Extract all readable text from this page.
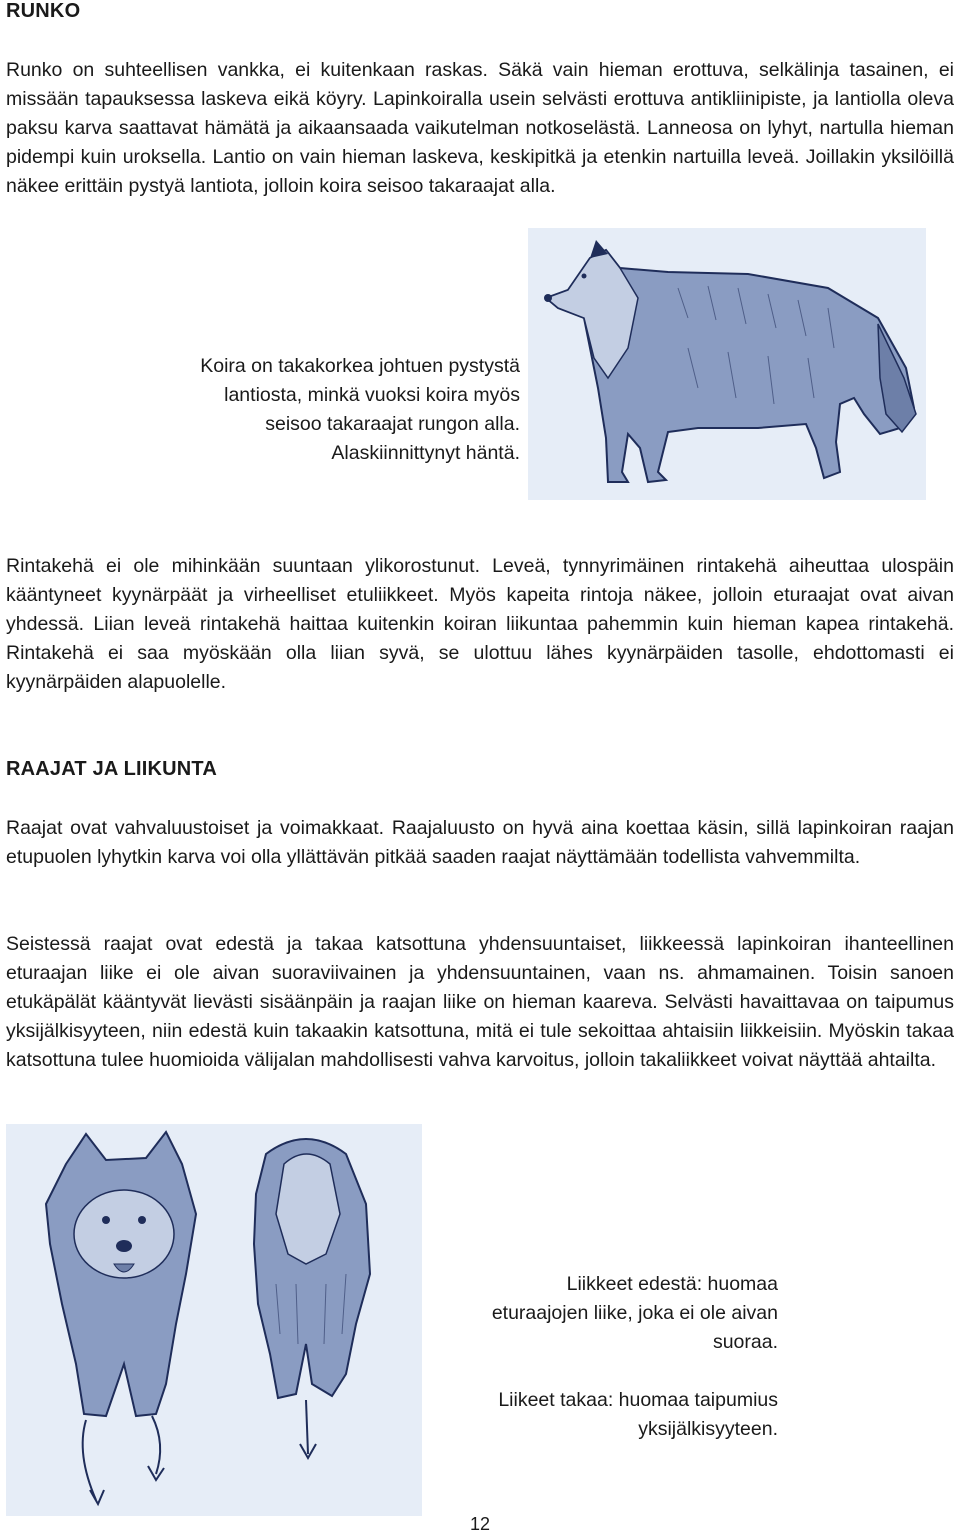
RUNKO

Runko on suhteellisen vankka, ei kuitenkaan raskas. Säkä vain hieman erottuva, selkälinja tasainen, ei missään tapauksessa laskeva eikä köyry. Lapinkoiralla usein selvästi erottuva antikliinipiste, ja lantiolla oleva paksu karva saattavat hämätä ja aikaansaada vaikutelman notkoselästä. Lanneosa on lyhyt, nartulla hieman pidempi kuin uroksella. Lantio on vain hieman laskeva, keskipitkä ja etenkin nartuilla leveä. Joillakin yksilöillä näkee erittäin pystyä lantiota, jolloin koira seisoo takaraajat alla.

Koira on takakorkea johtuen pystystä lantiosta, minkä vuoksi koira myös seisoo takaraajat rungon alla. Alaskiinnittynyt häntä.

Rintakehä ei ole mihinkään suuntaan ylikorostunut. Leveä, tynnyrimäinen rintakehä aiheuttaa ulospäin kääntyneet kyynärpäät ja virheelliset etuliikkeet. Myös kapeita rintoja näkee, jolloin eturaajat ovat aivan yhdessä. Liian leveä rintakehä haittaa kuitenkin koiran liikuntaa pahemmin kuin hieman kapea rintakehä. Rintakehä ei saa myöskään olla liian syvä, se ulottuu lähes kyynärpäiden tasolle, ehdottomasti ei kyynärpäiden alapuolelle.

RAAJAT JA LIIKUNTA

Raajat ovat vahvaluustoiset ja voimakkaat. Raajaluusto on hyvä aina koettaa käsin, sillä lapinkoiran raajan etupuolen lyhytkin karva voi olla yllättävän pitkää saaden raajat näyttämään todellista vahvemmilta.

Seistessä raajat ovat edestä ja takaa katsottuna yhdensuuntaiset, liikkeessä lapinkoiran ihanteellinen eturaajan liike ei ole aivan suoraviivainen ja yhdensuuntainen, vaan ns. ahmamainen. Toisin sanoen etukäpälät kääntyvät lievästi sisäänpäin ja raajan liike on hieman kaareva. Selvästi havaittavaa on taipumus yksijälkisyyteen, niin edestä kuin takaakin katsottuna, mitä ei tule sekoittaa ahtaisiin liikkeisiin. Myöskin takaa katsottuna tulee huomioida välijalan mahdollisesti vahva karvoitus, jolloin takaliikkeet voivat näyttää ahtailta.

Liikkeet edestä: huomaa eturaajojen liike, joka ei ole aivan suoraa.

Liikeet takaa: huomaa taipumius yksijälkisyyteen.

12
